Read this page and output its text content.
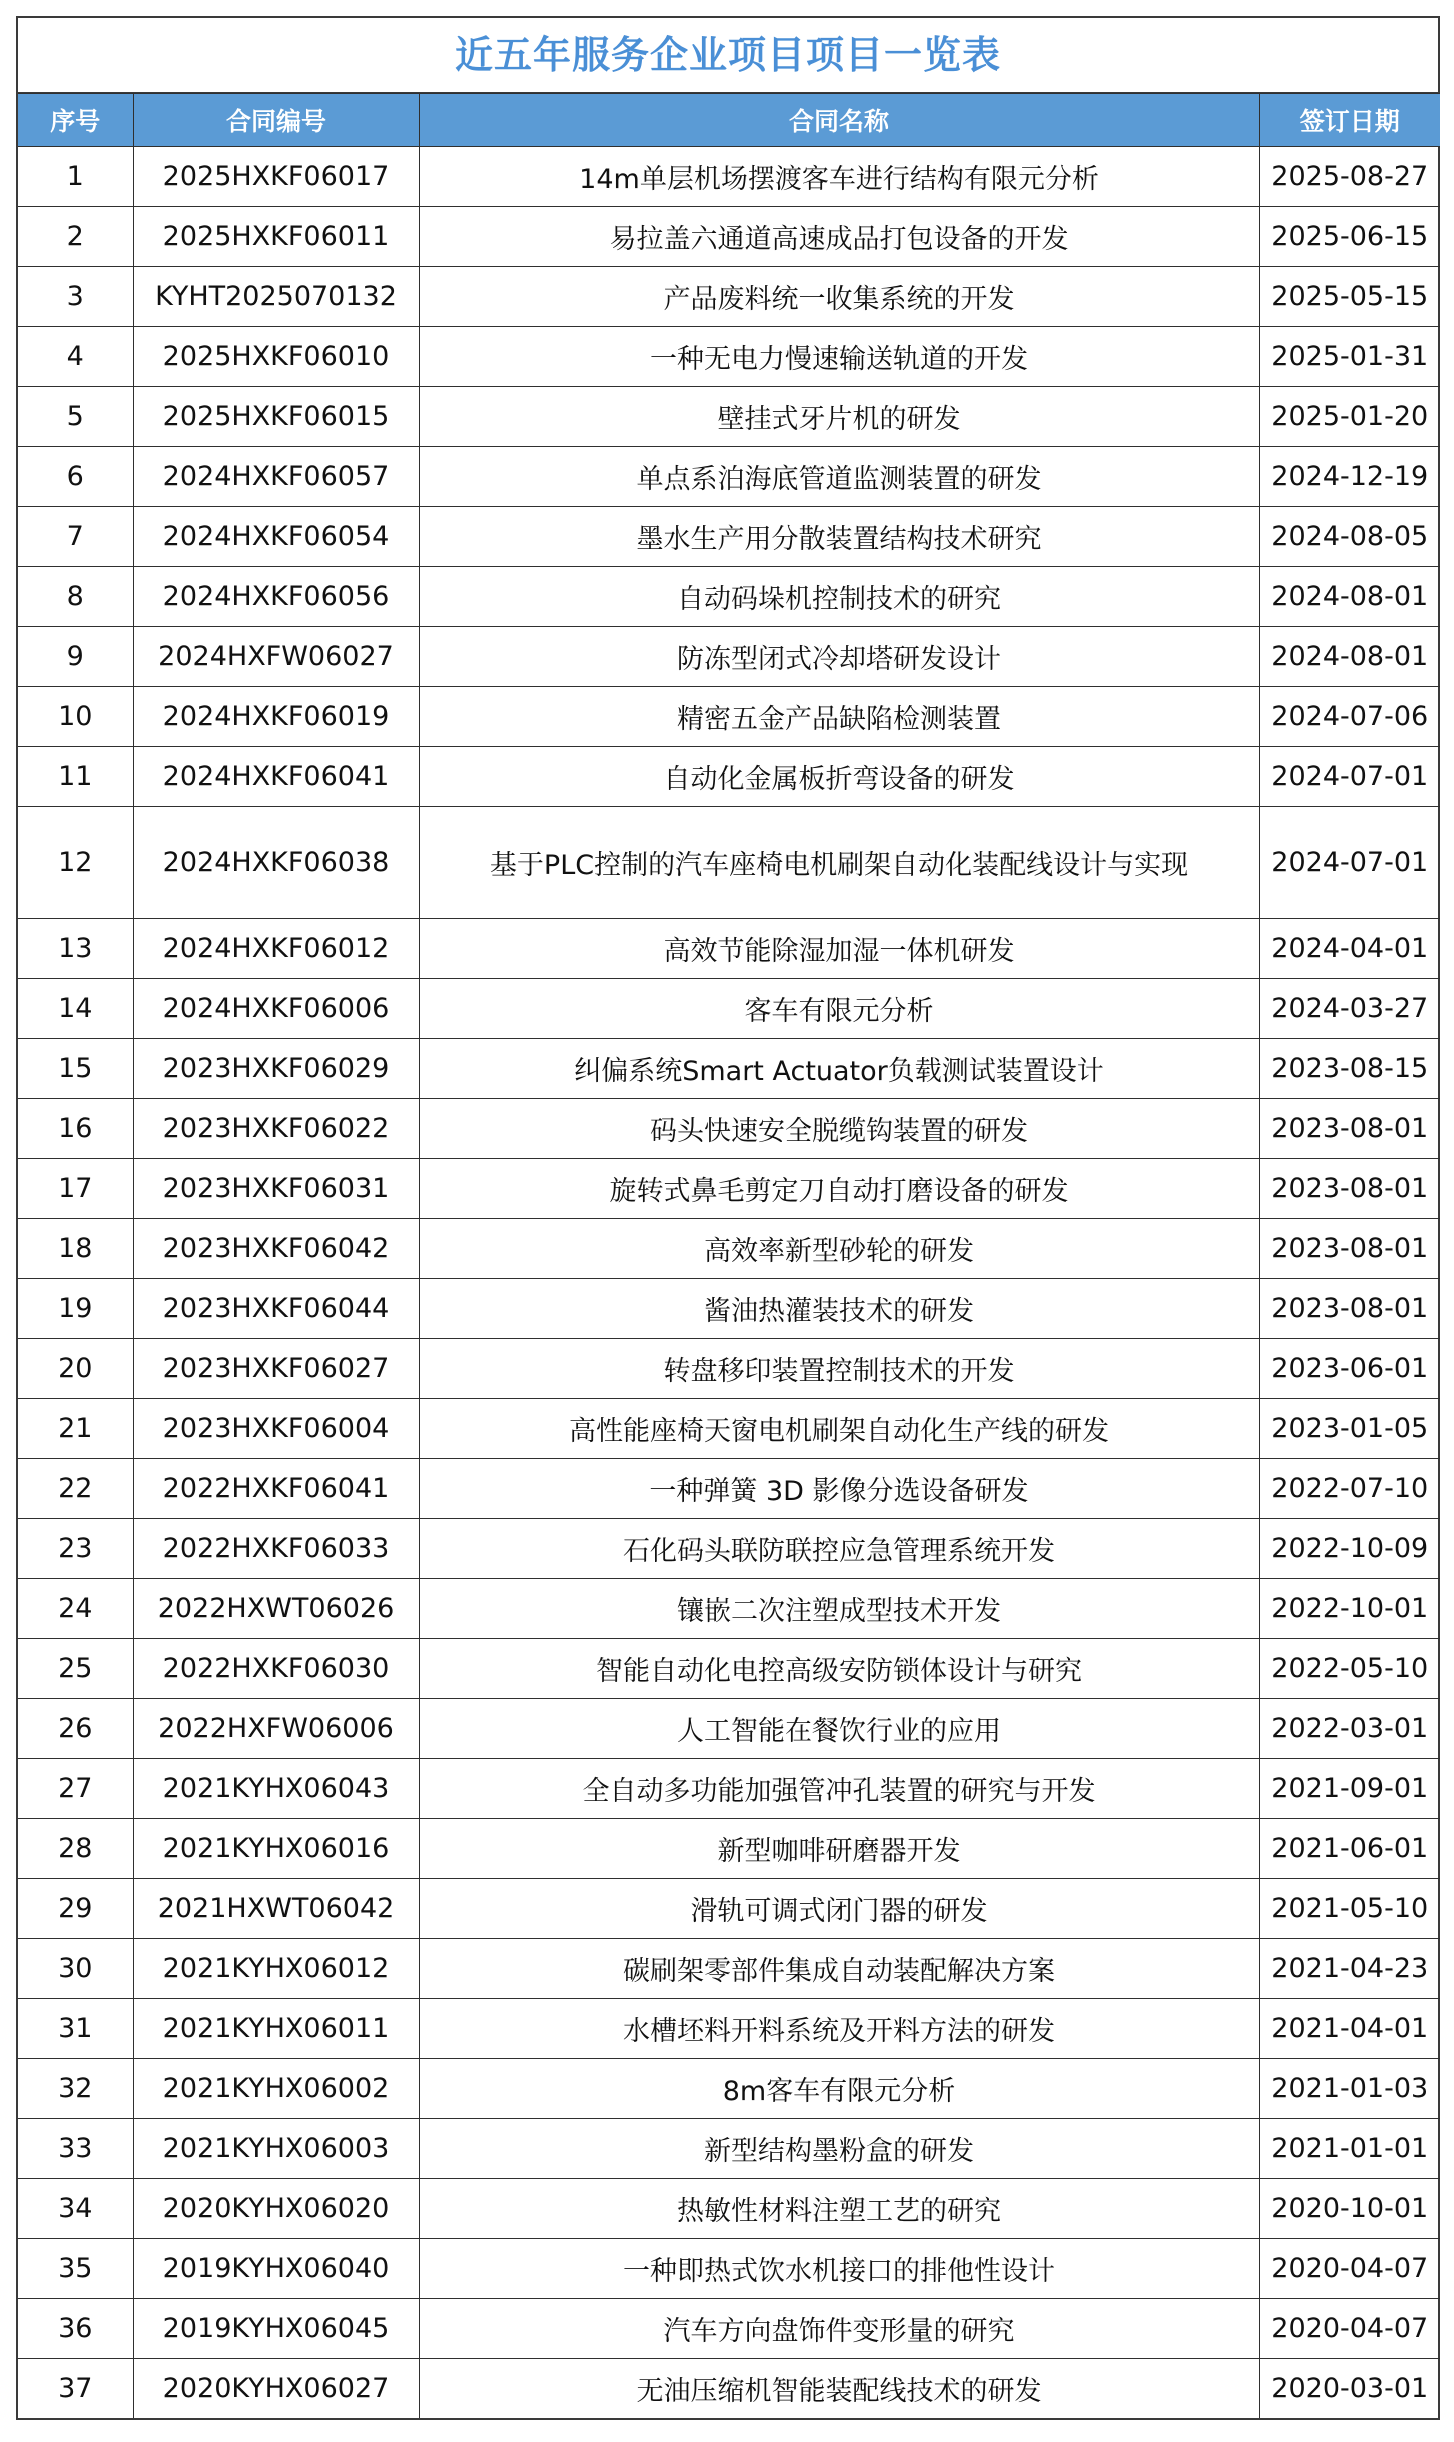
近五年服务企业项目项目一览表
序号	合同编号	合同名称	签订日期
1	2025HXKF06017	14m单层机场摆渡客车进行结构有限元分析	2025-08-27
2	2025HXKF06011	易拉盖六通道高速成品打包设备的开发	2025-06-15
3	KYHT2025070132	产品废料统一收集系统的开发	2025-05-15
4	2025HXKF06010	一种无电力慢速输送轨道的开发	2025-01-31
5	2025HXKF06015	壁挂式牙片机的研发	2025-01-20
6	2024HXKF06057	单点系泊海底管道监测装置的研发	2024-12-19
7	2024HXKF06054	墨水生产用分散装置结构技术研究	2024-08-05
8	2024HXKF06056	自动码垛机控制技术的研究	2024-08-01
9	2024HXFW06027	防冻型闭式冷却塔研发设计	2024-08-01
10	2024HXKF06019	精密五金产品缺陷检测装置	2024-07-06
11	2024HXKF06041	自动化金属板折弯设备的研发	2024-07-01
12	2024HXKF06038	基于PLC控制的汽车座椅电机刷架自动化装配线设计与实现	2024-07-01
13	2024HXKF06012	高效节能除湿加湿一体机研发	2024-04-01
14	2024HXKF06006	客车有限元分析	2024-03-27
15	2023HXKF06029	纠偏系统Smart Actuator负载测试装置设计	2023-08-15
16	2023HXKF06022	码头快速安全脱缆钩装置的研发	2023-08-01
17	2023HXKF06031	旋转式鼻毛剪定刀自动打磨设备的研发	2023-08-01
18	2023HXKF06042	高效率新型砂轮的研发	2023-08-01
19	2023HXKF06044	酱油热灌装技术的研发	2023-08-01
20	2023HXKF06027	转盘移印装置控制技术的开发	2023-06-01
21	2023HXKF06004	高性能座椅天窗电机刷架自动化生产线的研发	2023-01-05
22	2022HXKF06041	一种弹簧 3D 影像分选设备研发	2022-07-10
23	2022HXKF06033	石化码头联防联控应急管理系统开发	2022-10-09
24	2022HXWT06026	镶嵌二次注塑成型技术开发	2022-10-01
25	2022HXKF06030	智能自动化电控高级安防锁体设计与研究	2022-05-10
26	2022HXFW06006	人工智能在餐饮行业的应用	2022-03-01
27	2021KYHX06043	全自动多功能加强管冲孔装置的研究与开发	2021-09-01
28	2021KYHX06016	新型咖啡研磨器开发	2021-06-01
29	2021HXWT06042	滑轨可调式闭门器的研发	2021-05-10
30	2021KYHX06012	碳刷架零部件集成自动装配解决方案	2021-04-23
31	2021KYHX06011	水槽坯料开料系统及开料方法的研发	2021-04-01
32	2021KYHX06002	8m客车有限元分析	2021-01-03
33	2021KYHX06003	新型结构墨粉盒的研发	2021-01-01
34	2020KYHX06020	热敏性材料注塑工艺的研究	2020-10-01
35	2019KYHX06040	一种即热式饮水机接口的排他性设计	2020-04-07
36	2019KYHX06045	汽车方向盘饰件变形量的研究	2020-04-07
37	2020KYHX06027	无油压缩机智能装配线技术的研发	2020-03-01
